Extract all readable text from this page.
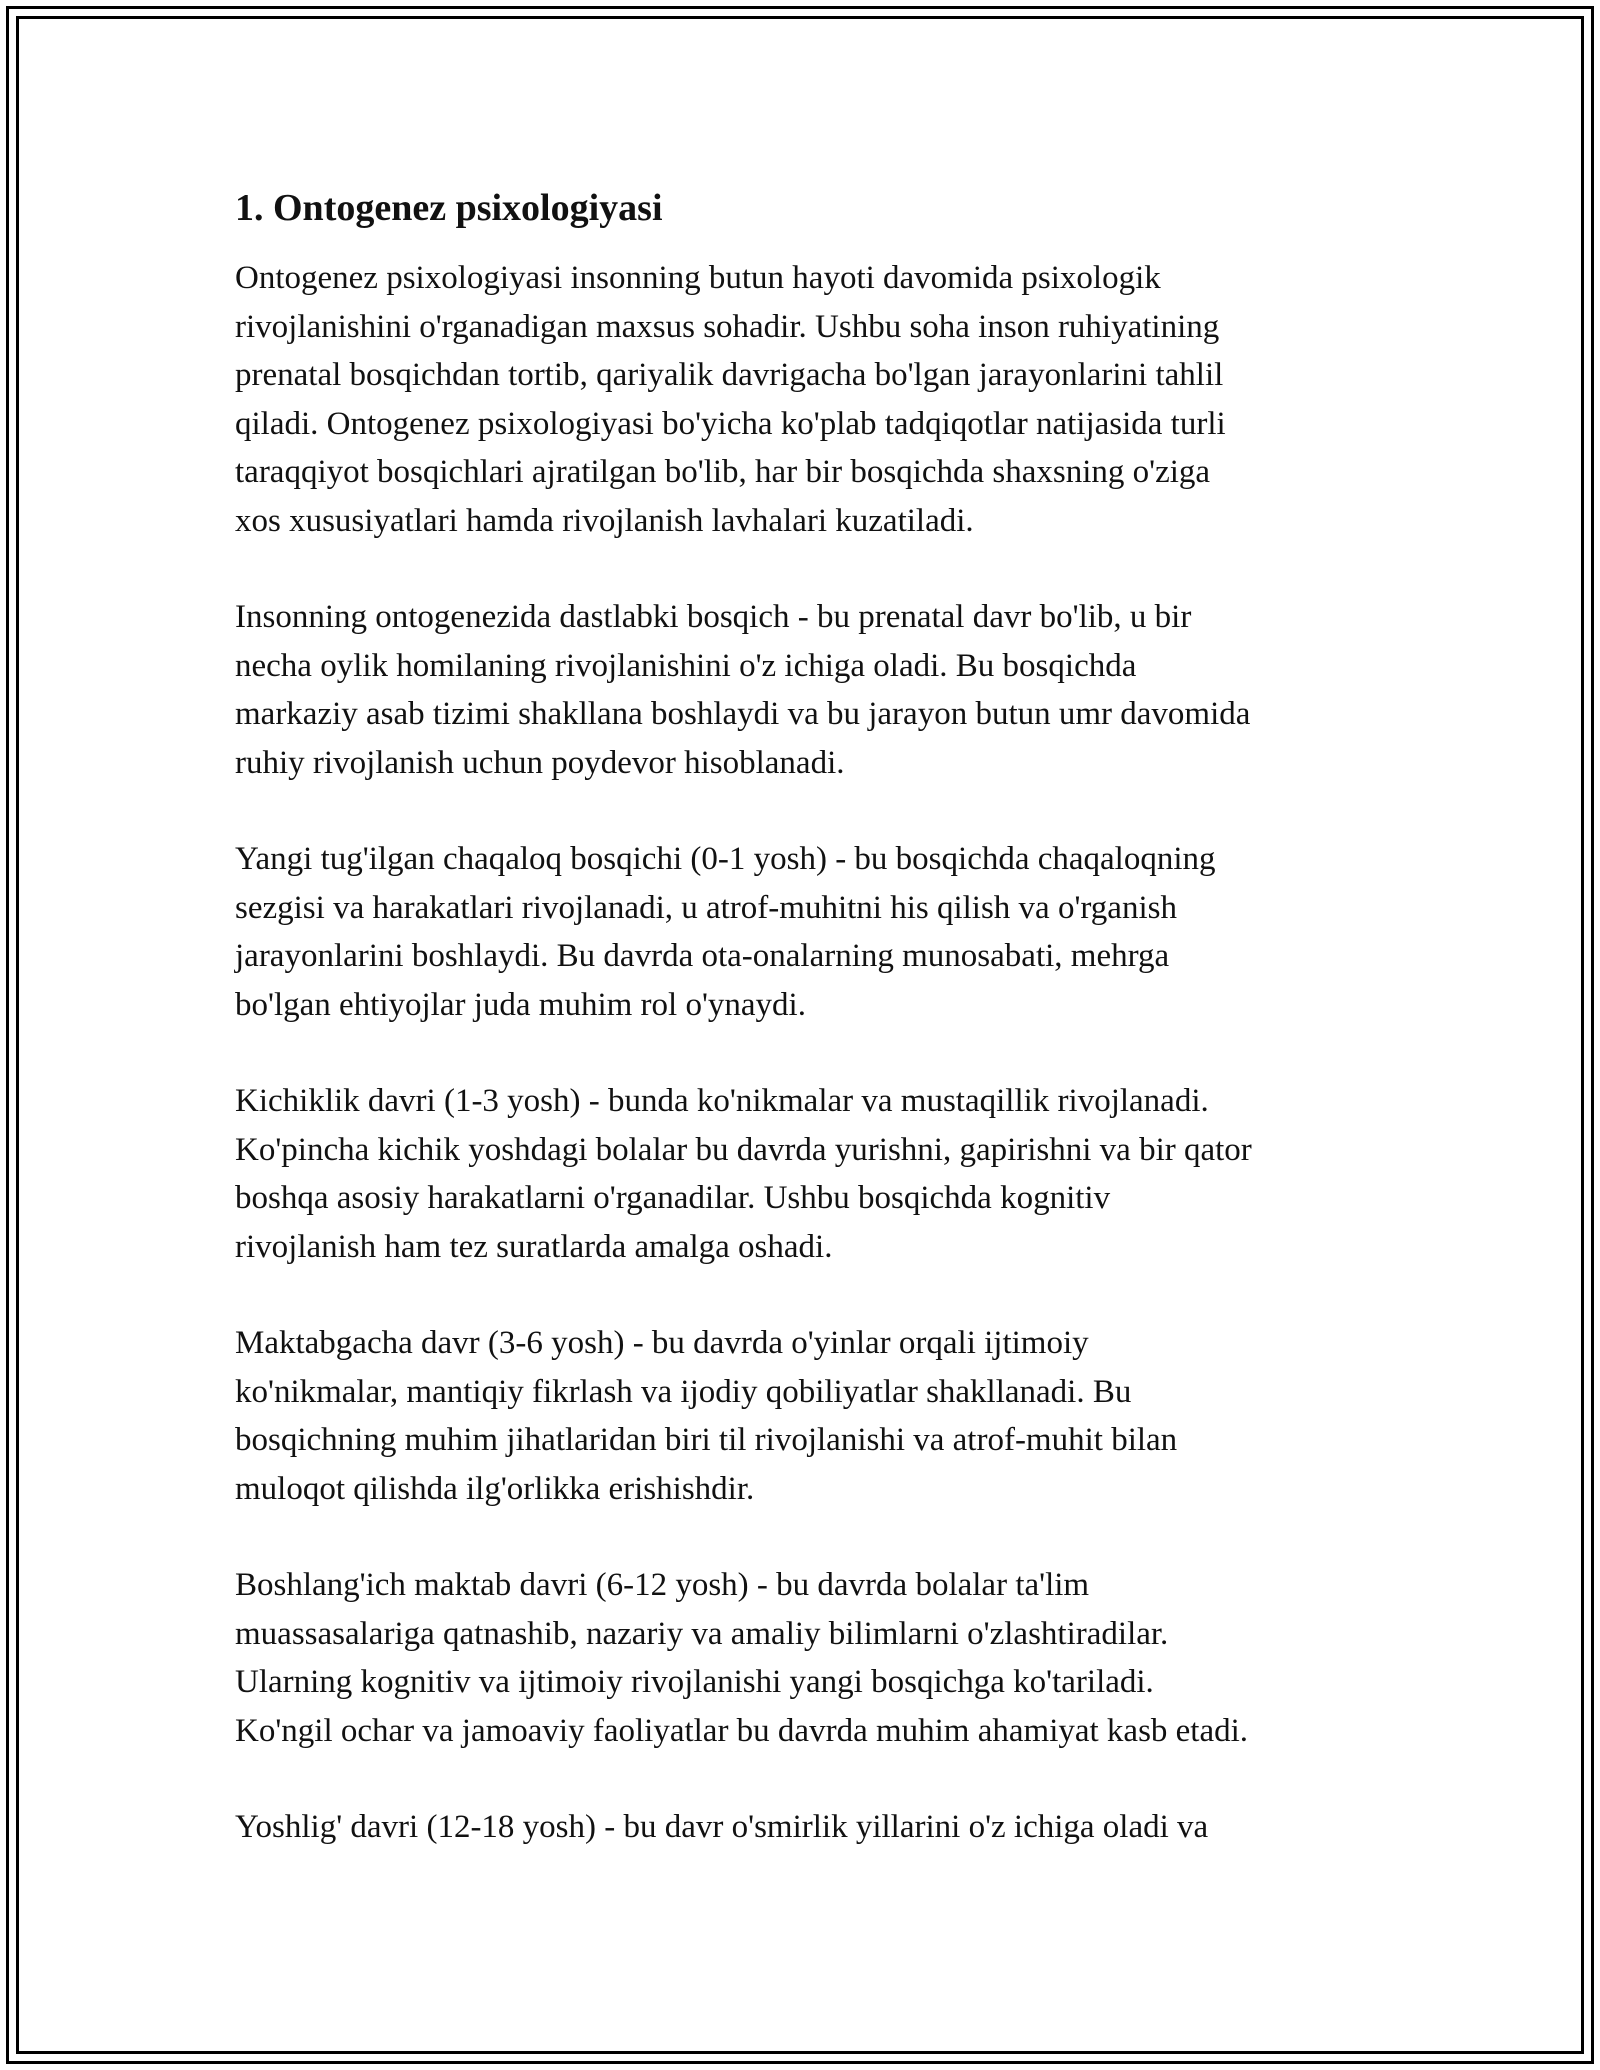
1. Ontogenez psixologiyasi
Ontogenez psixologiyasi insonning butun hayoti davomida psixologik
rivojlanishini o'rganadigan maxsus sohadir. Ushbu soha inson ruhiyatining
prenatal bosqichdan tortib, qariyalik davrigacha bo'lgan jarayonlarini tahlil
qiladi. Ontogenez psixologiyasi bo'yicha ko'plab tadqiqotlar natijasida turli
taraqqiyot bosqichlari ajratilgan bo'lib, har bir bosqichda shaxsning o'ziga
xos xususiyatlari hamda rivojlanish lavhalari kuzatiladi.
Insonning ontogenezida dastlabki bosqich - bu prenatal davr bo'lib, u bir
necha oylik homilaning rivojlanishini o'z ichiga oladi. Bu bosqichda
markaziy asab tizimi shakllana boshlaydi va bu jarayon butun umr davomida
ruhiy rivojlanish uchun poydevor hisoblanadi.
Yangi tug'ilgan chaqaloq bosqichi (0-1 yosh) - bu bosqichda chaqaloqning
sezgisi va harakatlari rivojlanadi, u atrof-muhitni his qilish va o'rganish
jarayonlarini boshlaydi. Bu davrda ota-onalarning munosabati, mehrga
bo'lgan ehtiyojlar juda muhim rol o'ynaydi.
Kichiklik davri (1-3 yosh) - bunda ko'nikmalar va mustaqillik rivojlanadi.
Ko'pincha kichik yoshdagi bolalar bu davrda yurishni, gapirishni va bir qator
boshqa asosiy harakatlarni o'rganadilar. Ushbu bosqichda kognitiv
rivojlanish ham tez suratlarda amalga oshadi.
Maktabgacha davr (3-6 yosh) - bu davrda o'yinlar orqali ijtimoiy
ko'nikmalar, mantiqiy fikrlash va ijodiy qobiliyatlar shakllanadi. Bu
bosqichning muhim jihatlaridan biri til rivojlanishi va atrof-muhit bilan
muloqot qilishda ilg'orlikka erishishdir.
Boshlang'ich maktab davri (6-12 yosh) - bu davrda bolalar ta'lim
muassasalariga qatnashib, nazariy va amaliy bilimlarni o'zlashtiradilar.
Ularning kognitiv va ijtimoiy rivojlanishi yangi bosqichga ko'tariladi.
Ko'ngil ochar va jamoaviy faoliyatlar bu davrda muhim ahamiyat kasb etadi.
Yoshlig' davri (12-18 yosh) - bu davr o'smirlik yillarini o'z ichiga oladi va
